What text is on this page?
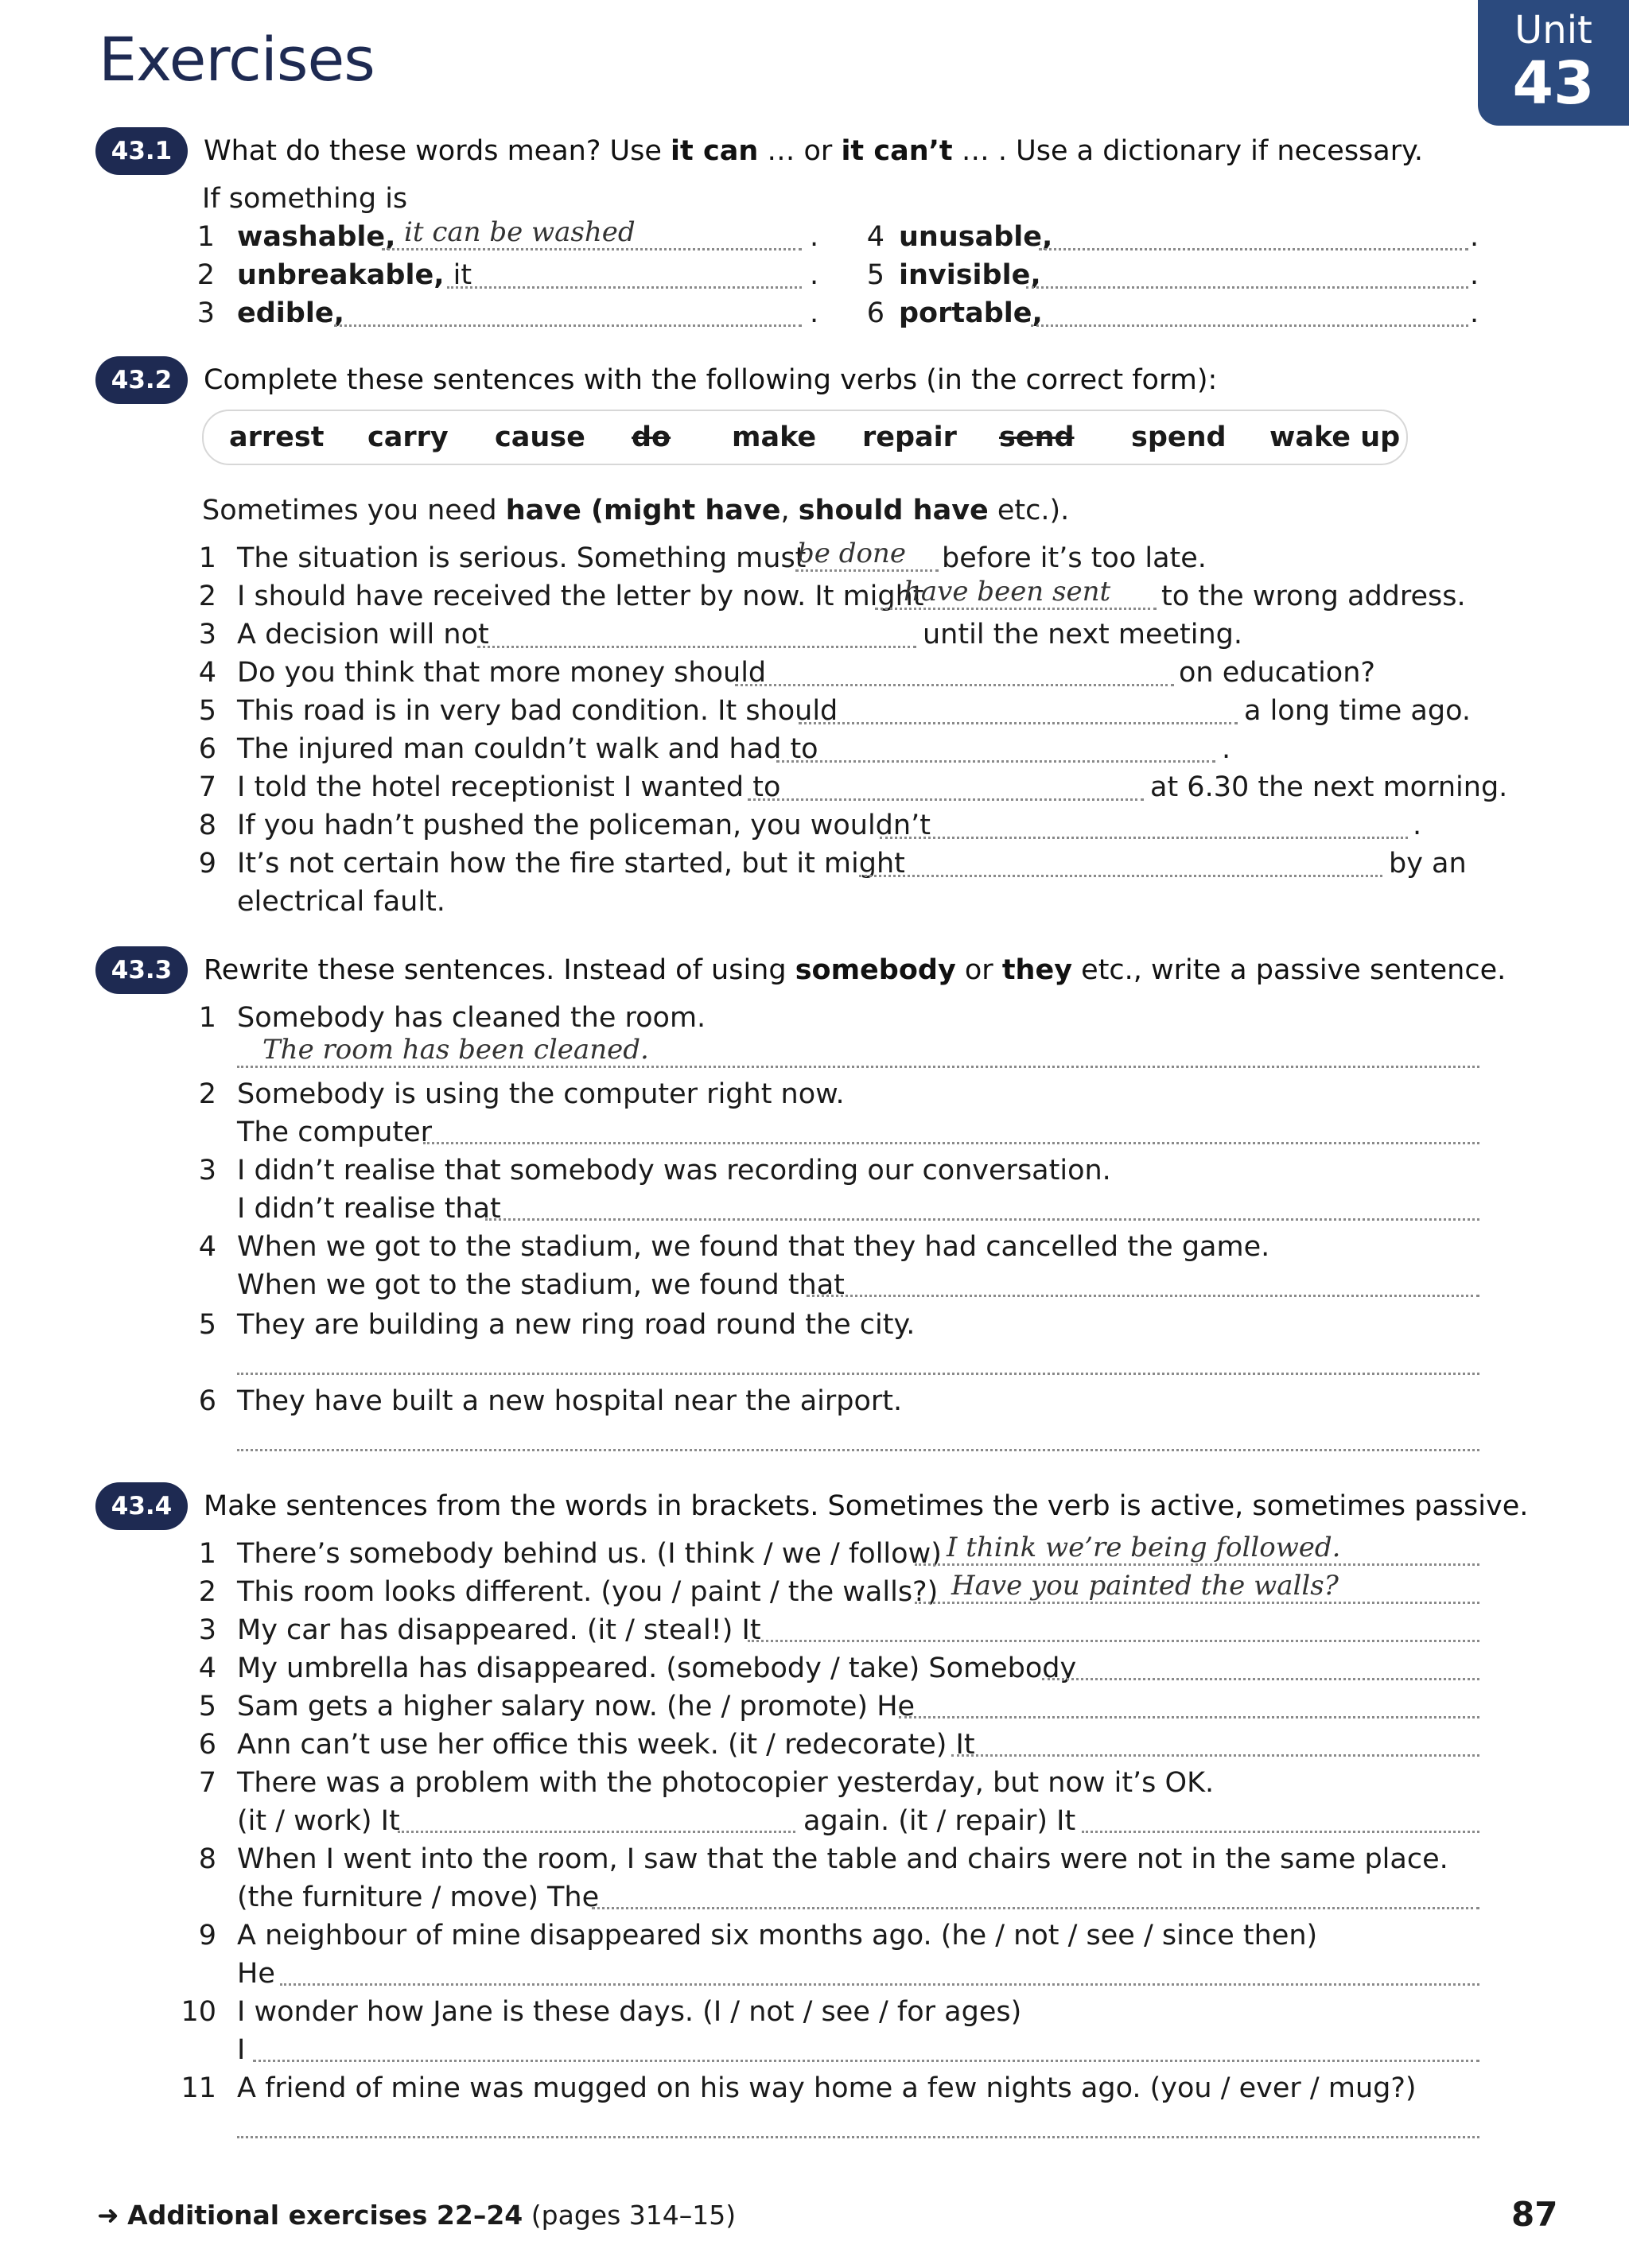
Exercises	Unit
43
43.1	What do these words mean? Use it can … or it can’t … . Use a dictionary if necessary.
If something is
1 washable, it can be washed	.
2 unbreakable, it	.
3 edible,	.
4 unusable,	.
5 invisible,	.
6 portable,	.
43.2	Complete these sentences with the following verbs (in the correct form):
arrest carry cause do make repair send spend wake up
Sometimes you need have (might have, should have etc.).
1 The situation is serious. Something must
be done before it’s too late.
2 I should have received the letter by now. It might
have been sent to the wrong address.
3 A decision will not	until the next meeting.
4 Do you think that more money should	on education?
5 This road is in very bad condition. It should	a long time ago.
6 The injured man couldn’t walk and had to	.
7 I told the hotel receptionist I wanted to	at 6.30 the next morning.
8 If you hadn’t pushed the policeman, you wouldn’t	.
9 It’s not certain how the fire started, but it might	by an
electrical fault.
43.3	Rewrite these sentences. Instead of using somebody or they etc., write a passive sentence.
1 Somebody has cleaned the room.
The room has been cleaned.
2 Somebody is using the computer right now.
The computer
3 I didn’t realise that somebody was recording our conversation.
I didn’t realise that
4 When we got to the stadium, we found that they had cancelled the game.
When we got to the stadium, we found that
5 They are building a new ring road round the city.
6 They have built a new hospital near the airport.
43.4	Make sentences from the words in brackets. Sometimes the verb is active, sometimes passive.
1 There’s somebody behind us. (I think / we / follow) I think we’re being followed.
2 This room looks different. (you / paint / the walls?) Have you painted the walls?
3 My car has disappeared. (it / steal!) It
4 My umbrella has disappeared. (somebody / take) Somebody
5 Sam gets a higher salary now. (he / promote) He
6 Ann can’t use her office this week. (it / redecorate) It
7 There was a problem with the photocopier yesterday, but now it’s OK.
(it / work) It	again. (it / repair) It
8 When I went into the room, I saw that the table and chairs were not in the same place.
(the furniture / move) The
9 A neighbour of mine disappeared six months ago. (he / not / see / since then)
He
10 I wonder how Jane is these days. (I / not / see / for ages)
I
11 A friend of mine was mugged on his way home a few nights ago. (you / ever / mug?)
➜ Additional exercises 22–24 (pages 314–15)	87
